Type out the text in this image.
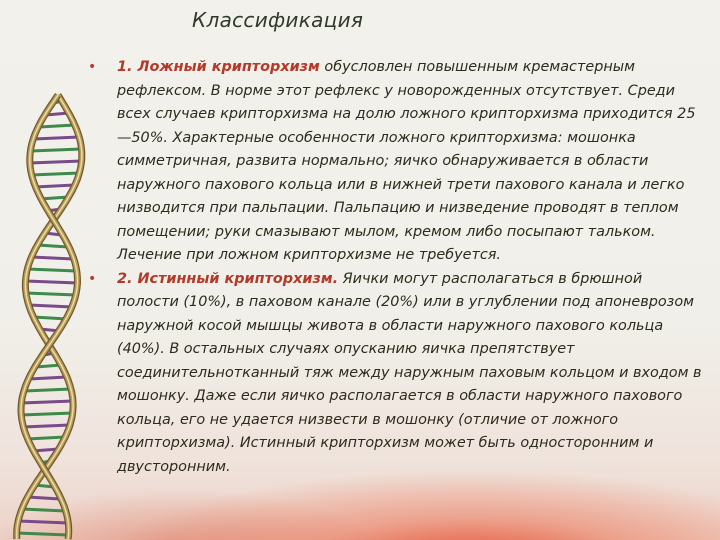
Классификация

• 1. Ложный крипторхизм обусловлен повышенным кремастерным рефлексом. В норме этот рефлекс у новорожденных отсутствует. Среди всех случаев крипторхизма на долю ложного крипторхизма приходится 25—50%. Характерные особенности ложного крипторхизма: мошонка симметричная, развита нормально; яичко обнаруживается в области наружного пахового кольца или в нижней трети пахового канала и легко низводится при пальпации. Пальпацию и низведение проводят в теплом помещении; руки смазывают мылом, кремом либо посыпают тальком. Лечение при ложном крипторхизме не требуется.

• 2. Истинный крипторхизм. Яички могут располагаться в брюшной полости (10%), в паховом канале (20%) или в углублении под апоневрозом наружной косой мышцы живота в области наружного пахового кольца (40%). В остальных случаях опусканию яичка препятствует соединительнотканный тяж между наружным паховым кольцом и входом в мошонку. Даже если яичко располагается в области наружного пахового кольца, его не удается низвести в мошонку (отличие от ложного крипторхизма). Истинный крипторхизм может быть односторонним и двусторонним.
